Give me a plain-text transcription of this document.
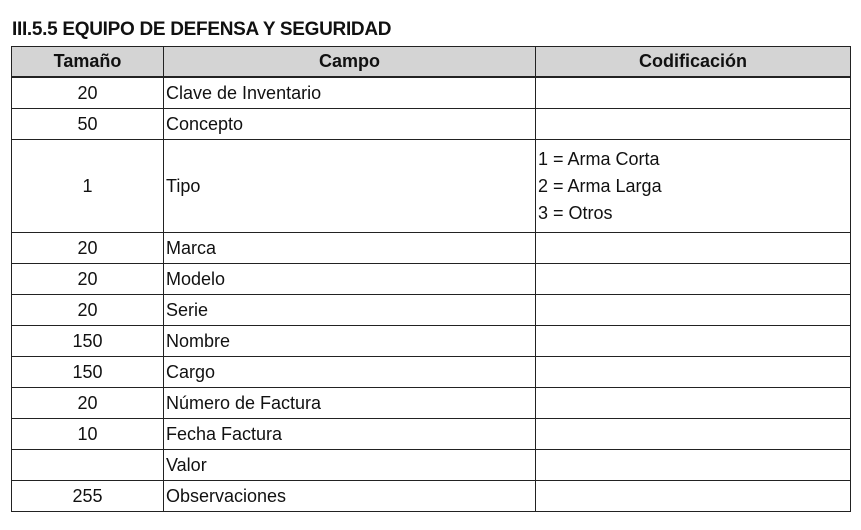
III.5.5 EQUIPO DE DEFENSA Y SEGURIDAD
Tamaño	Campo	Codificación
20	Clave de Inventario	
50	Concepto	
1	Tipo	1 = Arma Corta
2 = Arma Larga
3 = Otros

20	Marca	
20	Modelo	
20	Serie	
150	Nombre	
150	Cargo	
20	Número de Factura	
10	Fecha Factura	
	Valor	
255	Observaciones	
